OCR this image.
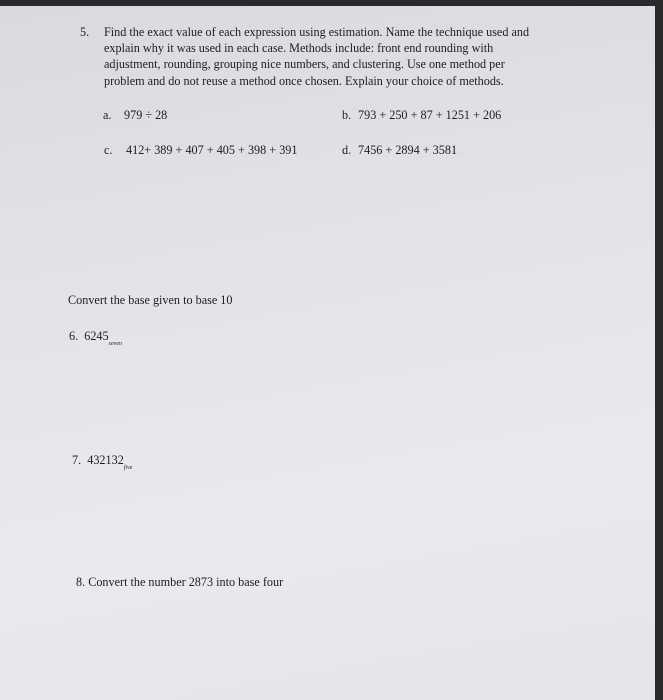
5. Find the exact value of each expression using estimation. Name the technique used and
explain why it was used in each case. Methods include: front end rounding with
adjustment, rounding, grouping nice numbers, and clustering. Use one method per
problem and do not reuse a method once chosen. Explain your choice of methods.
a. 979 ÷ 28	b. 793 + 250 + 87 + 1251 + 206
c. 412+ 389 + 407 + 405 + 398 + 391	d. 7456 + 2894 + 3581
Convert the base given to base 10
6. $6245_{seven}$
7. $432132_{five}$
8. Convert the number 2873 into base four
